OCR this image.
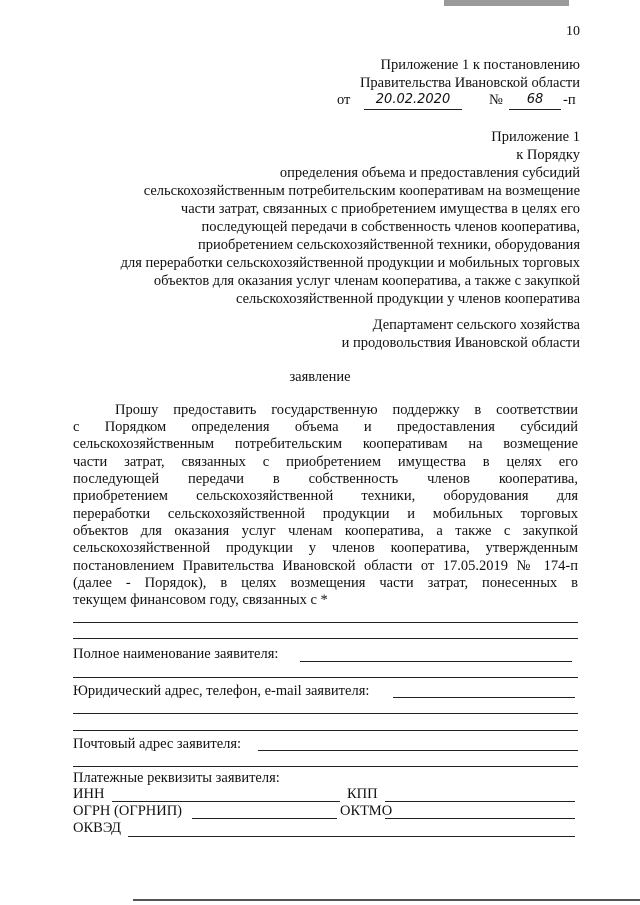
10
Приложение 1 к постановлению
Правительства Ивановской области
от	20.02.2020	№	68	-п
Приложение 1
к Порядку
определения объема и предоставления субсидий
сельскохозяйственным потребительским кооперативам на возмещение
части затрат, связанных с приобретением имущества в целях его
последующей передачи в собственность членов кооператива,
приобретением сельскохозяйственной техники, оборудования
для переработки сельскохозяйственной продукции и мобильных торговых
объектов для оказания услуг членам кооператива, а также с закупкой
сельскохозяйственной продукции у членов кооператива
Департамент сельского хозяйства
и продовольствия Ивановской области
заявление
Прошу предоставить государственную поддержку в соответствии
с Порядком определения объема и предоставления субсидий
сельскохозяйственным потребительским кооперативам на возмещение
части затрат, связанных с приобретением имущества в целях его
последующей передачи в собственность членов кооператива,
приобретением сельскохозяйственной техники, оборудования для
переработки сельскохозяйственной продукции и мобильных торговых
объектов для оказания услуг членам кооператива, а также с закупкой
сельскохозяйственной продукции у членов кооператива, утвержденным
постановлением Правительства Ивановской области от 17.05.2019 № 174-п
(далее - Порядок), в целях возмещения части затрат, понесенных в
текущем финансовом году, связанных с *
Полное наименование заявителя:
Юридический адрес, телефон, e-mail заявителя:
Почтовый адрес заявителя:
Платежные реквизиты заявителя:
ИНН	КПП
ОГРН (ОГРНИП)	ОКТМО
ОКВЭД
